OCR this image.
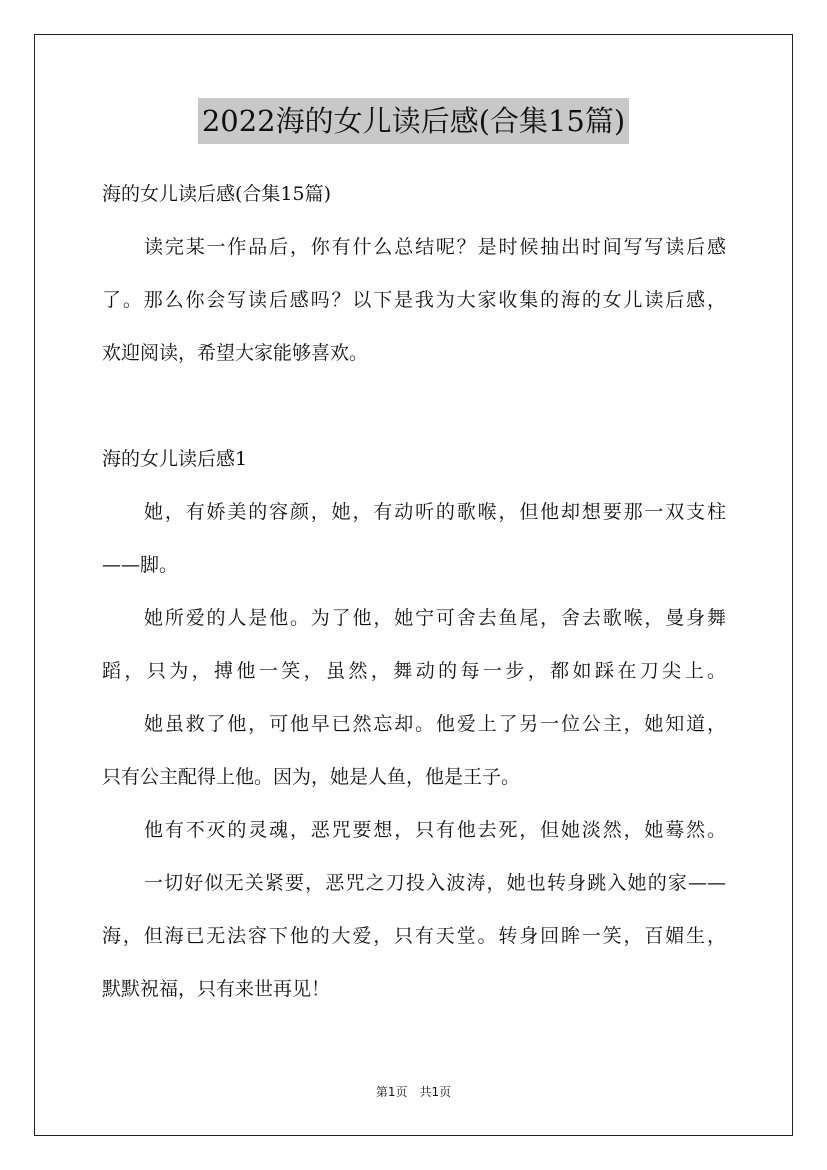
2022海的女儿读后感(合集15篇)
海的女儿读后感(合集15篇)
读完某一作品后，你有什么总结呢？是时候抽出时间写写读后感
了。那么你会写读后感吗？以下是我为大家收集的海的女儿读后感，
欢迎阅读，希望大家能够喜欢。
海的女儿读后感1
她，有娇美的容颜，她，有动听的歌喉，但他却想要那一双支柱
——脚。
她所爱的人是他。为了他，她宁可舍去鱼尾，舍去歌喉，曼身舞
蹈，只为，搏他一笑，虽然，舞动的每一步，都如踩在刀尖上。
她虽救了他，可他早已然忘却。他爱上了另一位公主，她知道，
只有公主配得上他。因为，她是人鱼，他是王子。
他有不灭的灵魂，恶咒要想，只有他去死，但她淡然，她蓦然。
一切好似无关紧要，恶咒之刀投入波涛，她也转身跳入她的家——
海，但海已无法容下他的大爱，只有天堂。转身回眸一笑，百媚生，
默默祝福，只有来世再见！
第1页 共1页
